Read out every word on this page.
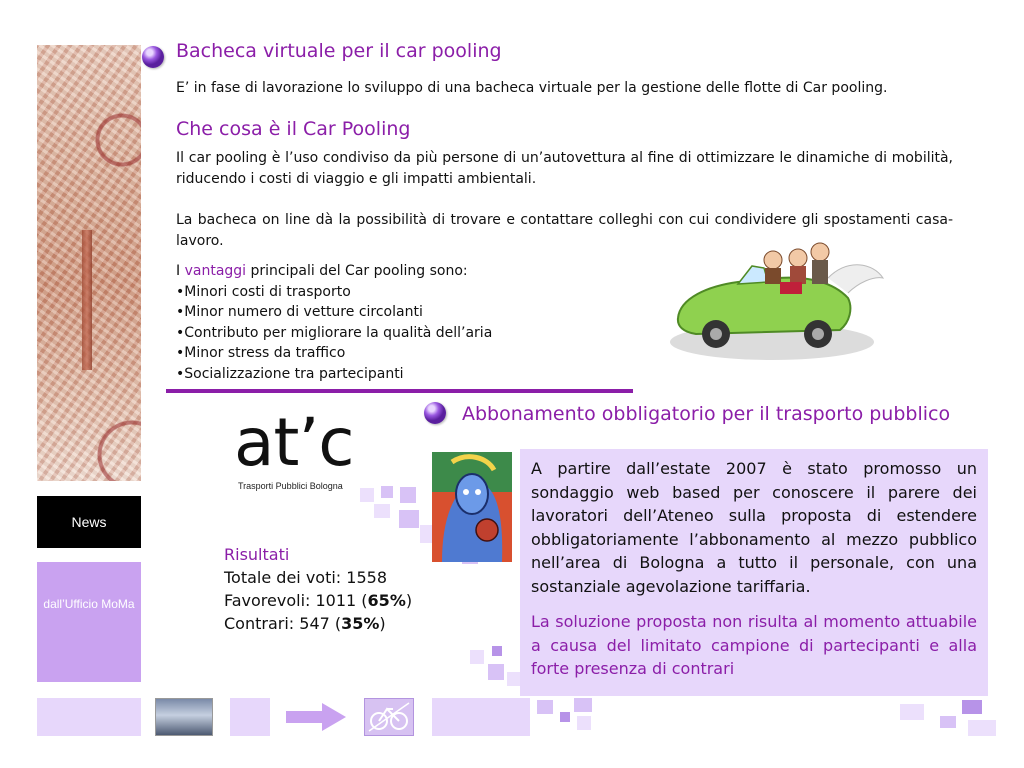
News
dall’Ufficio MoMa
Bacheca virtuale per il car pooling
E’ in fase di lavorazione lo sviluppo di una bacheca virtuale per la gestione delle flotte di Car pooling.
Che cosa è il Car Pooling
Il car pooling è l’uso condiviso da più persone di un’autovettura al fine di ottimizzare le dinamiche di mobilità, riducendo i costi di viaggio e gli impatti ambientali.
La bacheca on line dà la possibilità di trovare e contattare colleghi con cui condividere gli spostamenti casa-lavoro.
I vantaggi principali del Car pooling sono:
•Minori costi di trasporto
•Minor numero di vetture circolanti
•Contributo per migliorare la qualità dell’aria
•Minor stress da traffico
•Socializzazione tra partecipanti
Abbonamento obbligatorio per il trasporto pubblico
at’c
Trasporti Pubblici Bologna
Risultati
Totale dei voti: 1558
Favorevoli: 1011 (65%)
Contrari: 547 (35%)
A partire dall’estate 2007 è stato promosso un sondaggio web based per conoscere il parere dei lavoratori dell’Ateneo sulla proposta di estendere obbligatoriamente l’abbonamento al mezzo pubblico nell’area di Bologna a tutto il personale, con una sostanziale agevolazione tariffaria.
La soluzione proposta non risulta al momento attuabile a causa del limitato campione di partecipanti e alla forte presenza di contrari
